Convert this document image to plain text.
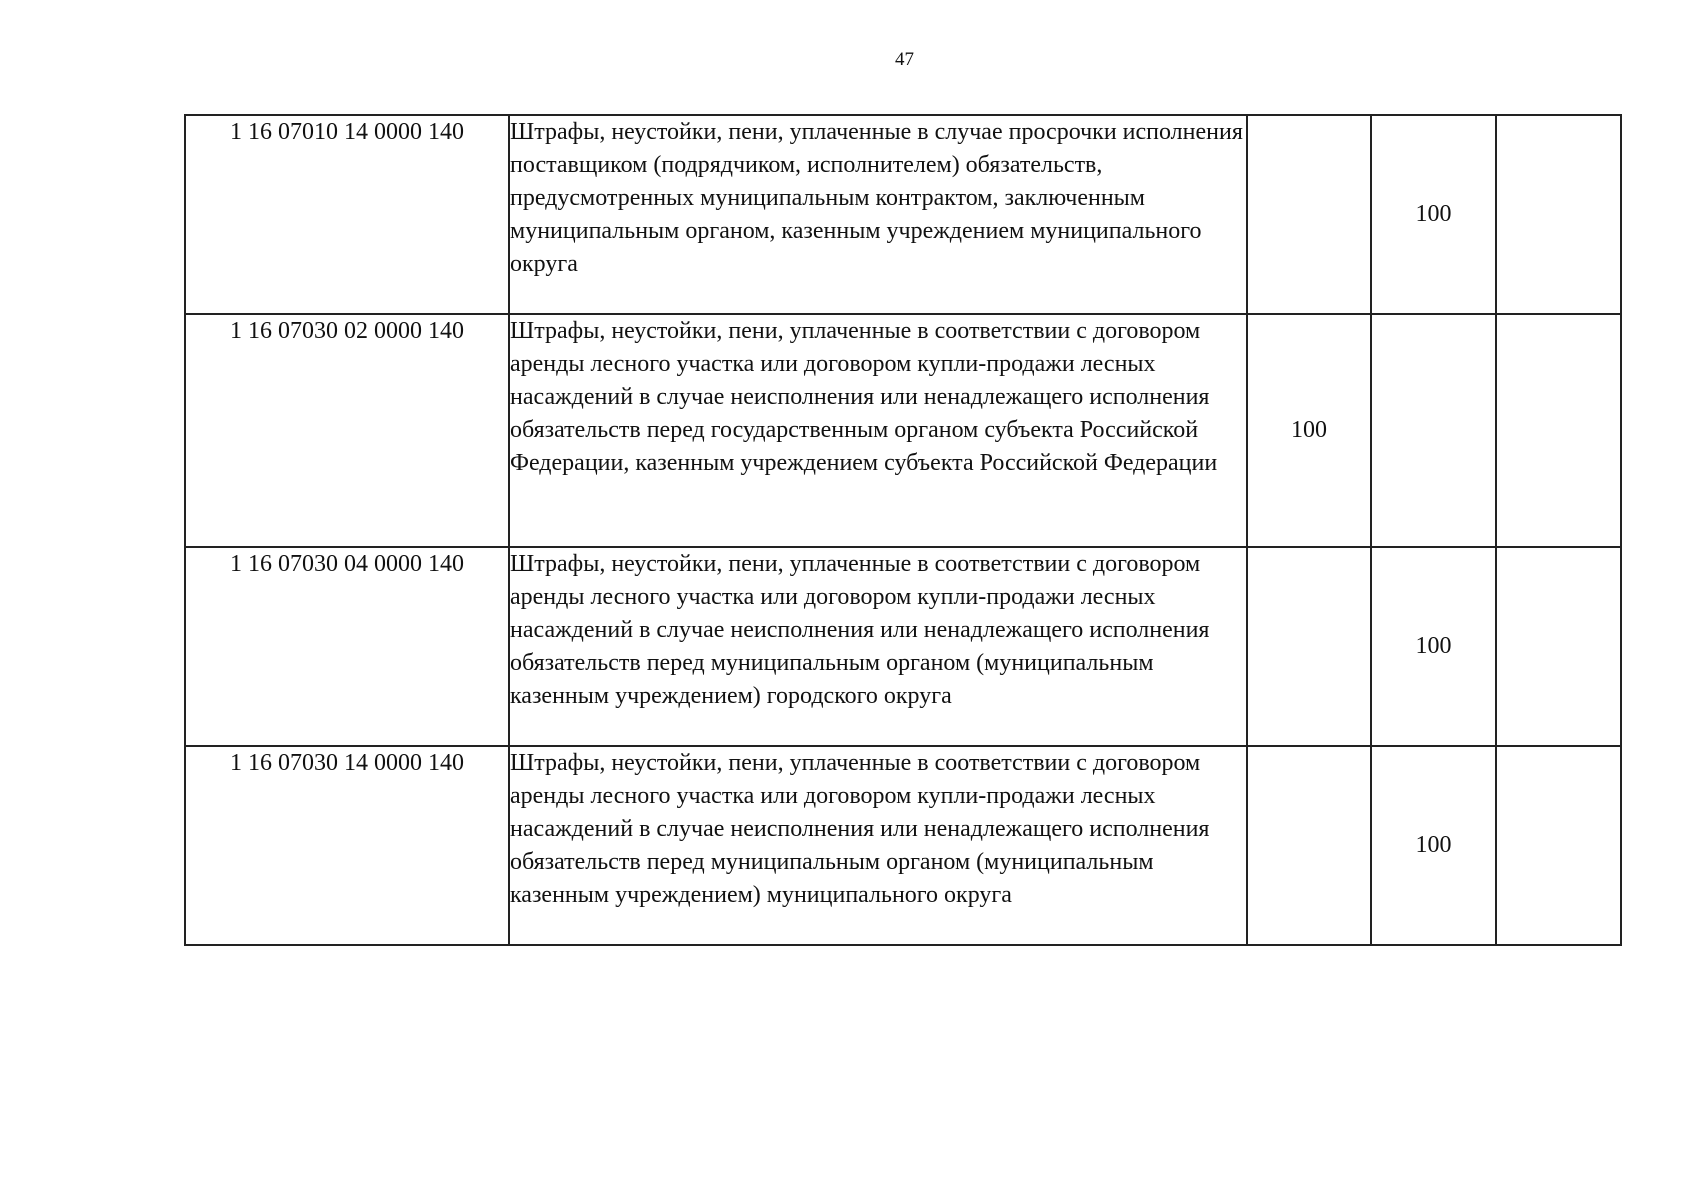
47
1 16 07010 14 0000 140	Штрафы, неустойки, пени, уплаченные в случае просрочки исполнения поставщиком (подрядчиком, исполнителем) обязательств, предусмотренных муниципальным контрактом, заключенным муниципальным органом, казенным учреждением муниципального округа		100	
1 16 07030 02 0000 140	Штрафы, неустойки, пени, уплаченные в соответствии с договором аренды лесного участка или договором купли-продажи лесных насаждений в случае неисполнения или ненадлежащего исполнения обязательств перед государственным органом субъекта Российской Федерации, казенным учреждением субъекта Российской Федерации	100		
1 16 07030 04 0000 140	Штрафы, неустойки, пени, уплаченные в соответствии с договором аренды лесного участка или договором купли-продажи лесных насаждений в случае неисполнения или ненадлежащего исполнения обязательств перед муниципальным органом (муниципальным казенным учреждением) городского округа		100	
1 16 07030 14 0000 140	Штрафы, неустойки, пени, уплаченные в соответствии с договором аренды лесного участка или договором купли-продажи лесных насаждений в случае неисполнения или ненадлежащего исполнения обязательств перед муниципальным органом (муниципальным казенным учреждением) муниципального округа		100	
